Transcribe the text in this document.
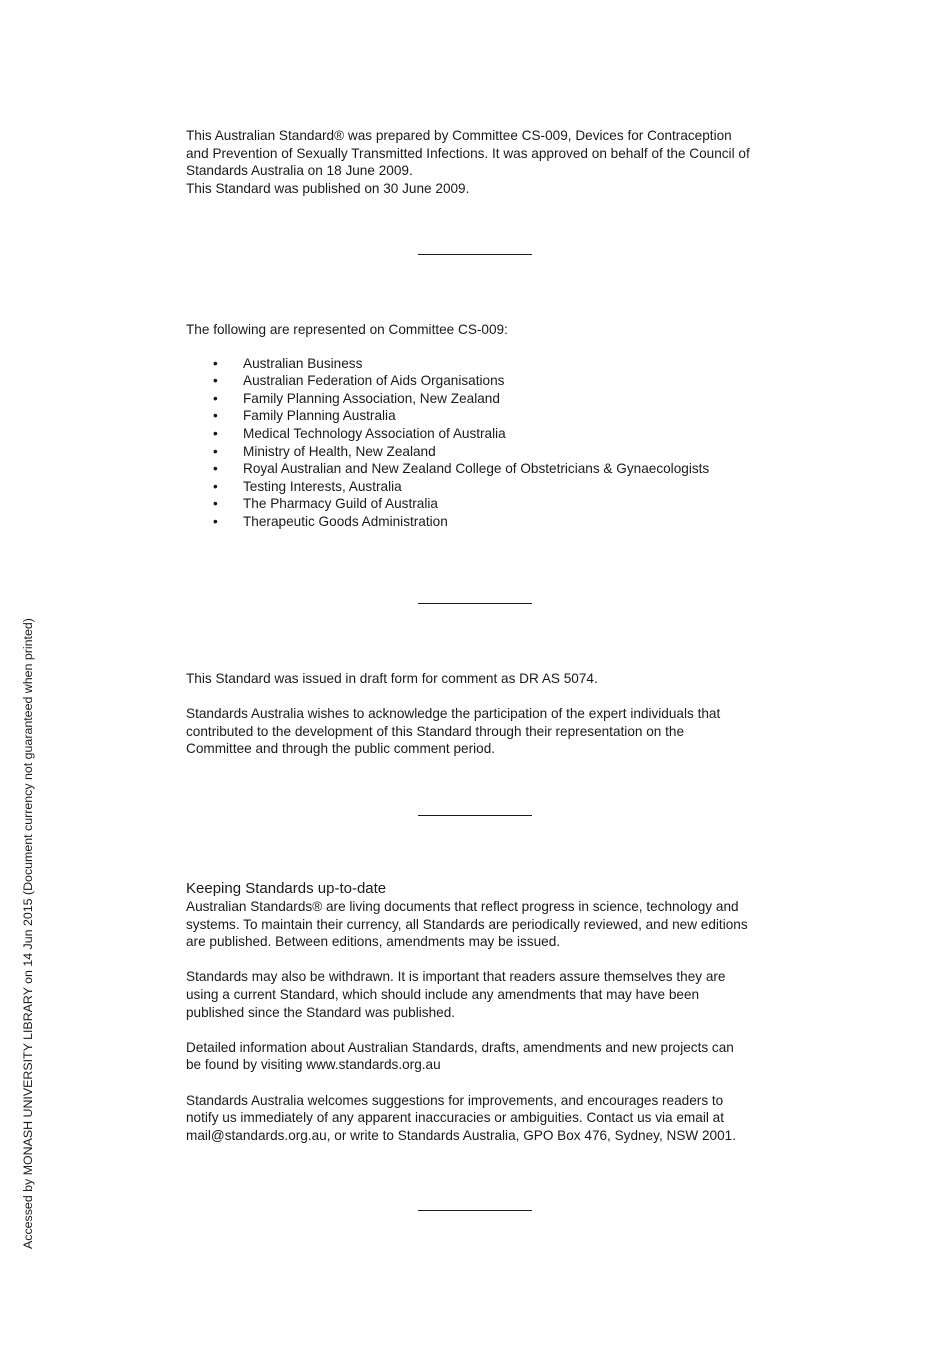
This Australian Standard® was prepared by Committee CS-009, Devices for Contraception

and Prevention of Sexually Transmitted Infections. It was approved on behalf of the Council of

Standards Australia on 18 June 2009.

This Standard was published on 30 June 2009.

The following are represented on Committee CS-009:

• Australian Business
• Australian Federation of Aids Organisations
• Family Planning Association, New Zealand
• Family Planning Australia
• Medical Technology Association of Australia
• Ministry of Health, New Zealand
• Royal Australian and New Zealand College of Obstetricians & Gynaecologists
• Testing Interests, Australia
• The Pharmacy Guild of Australia
• Therapeutic Goods Administration

This Standard was issued in draft form for comment as DR AS 5074.

Standards Australia wishes to acknowledge the participation of the expert individuals that

contributed to the development of this Standard through their representation on the

Committee and through the public comment period.

Keeping Standards up-to-date

Australian Standards® are living documents that reflect progress in science, technology and

systems. To maintain their currency, all Standards are periodically reviewed, and new editions

are published. Between editions, amendments may be issued.

Standards may also be withdrawn. It is important that readers assure themselves they are

using a current Standard, which should include any amendments that may have been

published since the Standard was published.

Detailed information about Australian Standards, drafts, amendments and new projects can

be found by visiting www.standards.org.au

Standards Australia welcomes suggestions for improvements, and encourages readers to

notify us immediately of any apparent inaccuracies or ambiguities. Contact us via email at

mail@standards.org.au, or write to Standards Australia, GPO Box 476, Sydney, NSW 2001.

Accessed by MONASH UNIVERSITY LIBRARY on 14 Jun 2015 (Document currency not guaranteed when printed)
